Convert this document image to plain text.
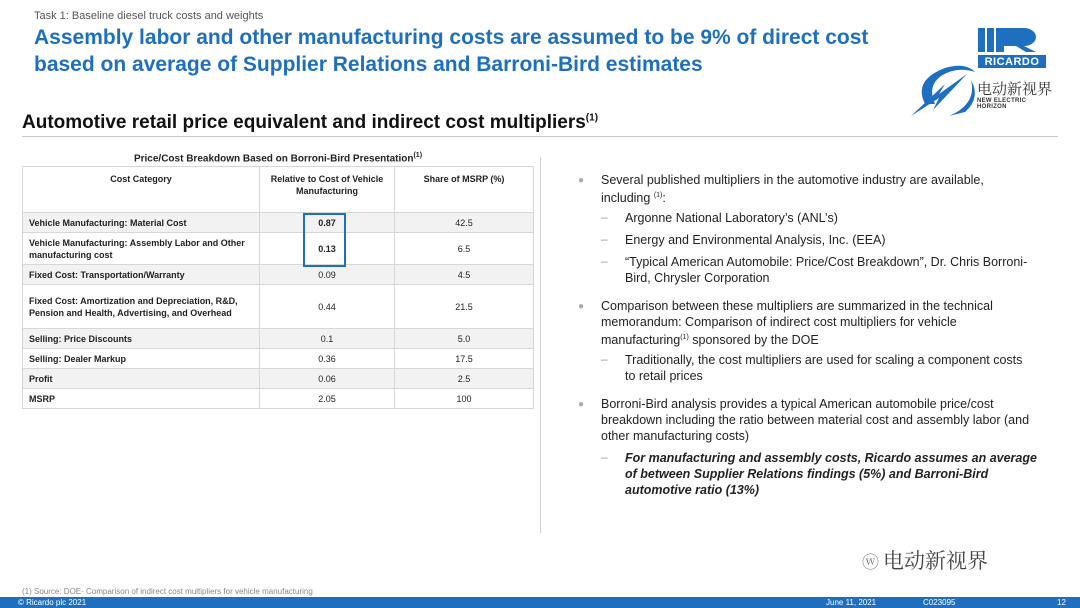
Task 1: Baseline diesel truck costs and weights
Assembly labor and other manufacturing costs are assumed to be 9% of direct cost based on average of Supplier Relations and Barroni-Bird estimates	RICARDO
电动新视界
NEW ELECTRIC HORIZON
Automotive retail price equivalent and indirect cost multipliers$^{(1)}$
Price/Cost Breakdown Based on Borroni-Bird Presentation$^{(1)}$
Cost Category	Relative to Cost of Vehicle Manufacturing	Share of MSRP (%)
Vehicle Manufacturing: Material Cost	0.87	42.5
Vehicle Manufacturing: Assembly Labor and Other manufacturing cost	0.13	6.5
Fixed Cost: Transportation/Warranty	0.09	4.5
Fixed Cost: Amortization and Depreciation, R&D, Pension and Health, Advertising, and Overhead	0.44	21.5
Selling: Price Discounts	0.1	5.0
Selling: Dealer Markup	0.36	17.5
Profit	0.06	2.5
MSRP	2.05	100
● Several published multipliers in the automotive industry are available, including $^{(1)}$:
– Argonne National Laboratory’s (ANL’s)
– Energy and Environmental Analysis, Inc. (EEA)
– “Typical American Automobile: Price/Cost Breakdown”, Dr. Chris Borroni-Bird, Chrysler Corporation
● Comparison between these multipliers are summarized in the technical memorandum: Comparison of indirect cost multipliers for vehicle manufacturing$^{(1)}$ sponsored by the DOE
– Traditionally, the cost multipliers are used for scaling a component costs to retail prices
● Borroni-Bird analysis provides a typical American automobile price/cost breakdown including the ratio between material cost and assembly labor (and other manufacturing costs)
– For manufacturing and assembly costs, Ricardo assumes an average of between Supplier Relations findings (5%) and Barroni-Bird automotive ratio (13%)
ⓦ 电动新视界
(1) Source: DOE- Comparison of indirect cost multipliers for vehicle manufacturing
© Ricardo plc 2021	June 11, 2021	C023095	12
